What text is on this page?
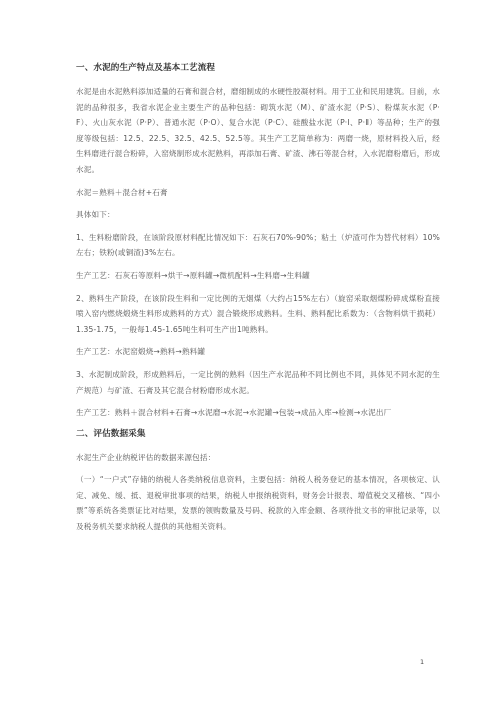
一、水泥的生产特点及基本工艺流程
水泥是由水泥熟料添加适量的石膏和混合材，磨细制成的水硬性胶凝材料。用于工业和民用建筑。目前，水泥的品种很多，我省水泥企业主要生产的品种包括：砌筑水泥（M）、矿渣水泥（P·S）、粉煤灰水泥（P·F）、火山灰水泥（P·P）、普通水泥（P·O）、复合水泥（P·C）、硅酸盐水泥（P·Ⅰ、P·Ⅱ）等品种；生产的强度等级包括：12.5、22.5、32.5、42.5、52.5等。其生产工艺简单称为：两磨一烧，原材料投入后，经生料磨进行混合粉碎，入窑烧制形成水泥熟料，再添加石膏、矿渣、沸石等混合材，入水泥磨粉磨后，形成水泥。
水泥＝熟料＋混合材+石膏
具体如下：
1、生料粉磨阶段，在该阶段原材料配比情况如下：石灰石70%-90%；粘土（炉渣可作为替代材料）10%左右；铁粉(或铜渣)3%左右。
生产工艺：石灰石等原料→烘干→原料罐→微机配料→生料磨→生料罐
2、熟料生产阶段，在该阶段生料和一定比例的无烟煤（大约占15%左右）（旋窑采取烟煤粉碎成煤粉直接喷入窑内燃烧煅烧生料形成熟料的方式）混合锻烧形成熟料。生料、熟料配比系数为：（含物料烘干损耗）1.35-1.75，一般每1.45-1.65吨生料可生产出1吨熟料。
生产工艺：水泥窑煅烧→熟料→熟料罐
3、水泥制成阶段，形成熟料后，一定比例的熟料（因生产水泥品种不同比例也不同，具体见不同水泥的生产规范）与矿渣、石膏及其它混合材粉磨形成水泥。
生产工艺：熟料＋混合材料+石膏→水泥磨→水泥→水泥罐→包装→成品入库→检测→水泥出厂
二、评估数据采集
水泥生产企业纳税评估的数据来源包括：
（一）“一户式”存储的纳税人各类纳税信息资料，主要包括：纳税人税务登记的基本情况，各项核定、认定、减免、缓、抵、退税审批事项的结果，纳税人申报纳税资料，财务会计报表、增值税交叉稽核、“四小票”等系统各类票证比对结果，发票的领购数量及号码、税款的入库金额、各项待批文书的审批记录等，以及税务机关要求纳税人提供的其他相关资料。
1
